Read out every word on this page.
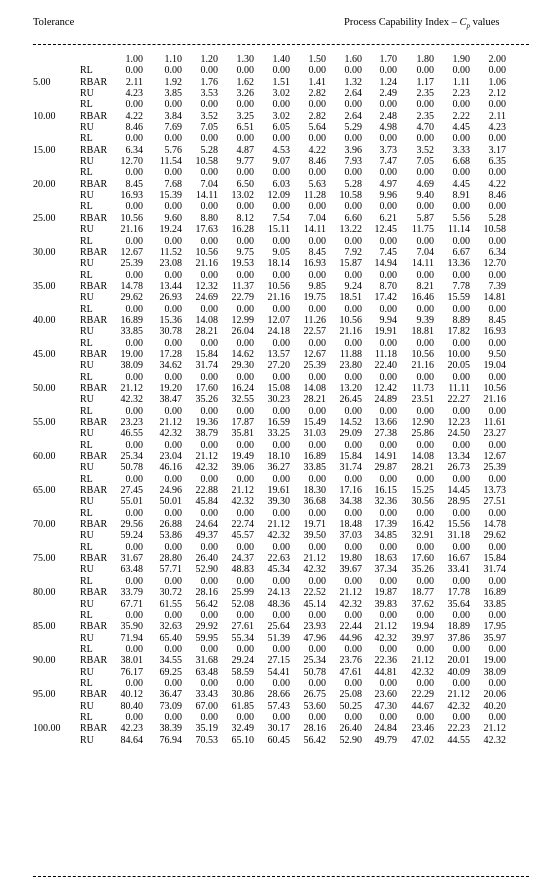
Tolerance	Process Capability Index – $C_p$ values
1.00	1.10	1.20	1.30	1.40	1.50	1.60	1.70	1.80	1.90	2.00
RL	0.00	0.00	0.00	0.00	0.00	0.00	0.00	0.00	0.00	0.00	0.00
5.00	RBAR	2.11	1.92	1.76	1.62	1.51	1.41	1.32	1.24	1.17	1.11	1.06
RU	4.23	3.85	3.53	3.26	3.02	2.82	2.64	2.49	2.35	2.23	2.12
RL	0.00	0.00	0.00	0.00	0.00	0.00	0.00	0.00	0.00	0.00	0.00
10.00	RBAR	4.22	3.84	3.52	3.25	3.02	2.82	2.64	2.48	2.35	2.22	2.11
RU	8.46	7.69	7.05	6.51	6.05	5.64	5.29	4.98	4.70	4.45	4.23
RL	0.00	0.00	0.00	0.00	0.00	0.00	0.00	0.00	0.00	0.00	0.00
15.00	RBAR	6.34	5.76	5.28	4.87	4.53	4.22	3.96	3.73	3.52	3.33	3.17
RU	12.70	11.54	10.58	9.77	9.07	8.46	7.93	7.47	7.05	6.68	6.35
RL	0.00	0.00	0.00	0.00	0.00	0.00	0.00	0.00	0.00	0.00	0.00
20.00	RBAR	8.45	7.68	7.04	6.50	6.03	5.63	5.28	4.97	4.69	4.45	4.22
RU	16.93	15.39	14.11	13.02	12.09	11.28	10.58	9.96	9.40	8.91	8.46
RL	0.00	0.00	0.00	0.00	0.00	0.00	0.00	0.00	0.00	0.00	0.00
25.00	RBAR	10.56	9.60	8.80	8.12	7.54	7.04	6.60	6.21	5.87	5.56	5.28
RU	21.16	19.24	17.63	16.28	15.11	14.11	13.22	12.45	11.75	11.14	10.58
RL	0.00	0.00	0.00	0.00	0.00	0.00	0.00	0.00	0.00	0.00	0.00
30.00	RBAR	12.67	11.52	10.56	9.75	9.05	8.45	7.92	7.45	7.04	6.67	6.34
RU	25.39	23.08	21.16	19.53	18.14	16.93	15.87	14.94	14.11	13.36	12.70
RL	0.00	0.00	0.00	0.00	0.00	0.00	0.00	0.00	0.00	0.00	0.00
35.00	RBAR	14.78	13.44	12.32	11.37	10.56	9.85	9.24	8.70	8.21	7.78	7.39
RU	29.62	26.93	24.69	22.79	21.16	19.75	18.51	17.42	16.46	15.59	14.81
RL	0.00	0.00	0.00	0.00	0.00	0.00	0.00	0.00	0.00	0.00	0.00
40.00	RBAR	16.89	15.36	14.08	12.99	12.07	11.26	10.56	9.94	9.39	8.89	8.45
RU	33.85	30.78	28.21	26.04	24.18	22.57	21.16	19.91	18.81	17.82	16.93
RL	0.00	0.00	0.00	0.00	0.00	0.00	0.00	0.00	0.00	0.00	0.00
45.00	RBAR	19.00	17.28	15.84	14.62	13.57	12.67	11.88	11.18	10.56	10.00	9.50
RU	38.09	34.62	31.74	29.30	27.20	25.39	23.80	22.40	21.16	20.05	19.04
RL	0.00	0.00	0.00	0.00	0.00	0.00	0.00	0.00	0.00	0.00	0.00
50.00	RBAR	21.12	19.20	17.60	16.24	15.08	14.08	13.20	12.42	11.73	11.11	10.56
RU	42.32	38.47	35.26	32.55	30.23	28.21	26.45	24.89	23.51	22.27	21.16
RL	0.00	0.00	0.00	0.00	0.00	0.00	0.00	0.00	0.00	0.00	0.00
55.00	RBAR	23.23	21.12	19.36	17.87	16.59	15.49	14.52	13.66	12.90	12.23	11.61
RU	46.55	42.32	38.79	35.81	33.25	31.03	29.09	27.38	25.86	24.50	23.27
RL	0.00	0.00	0.00	0.00	0.00	0.00	0.00	0.00	0.00	0.00	0.00
60.00	RBAR	25.34	23.04	21.12	19.49	18.10	16.89	15.84	14.91	14.08	13.34	12.67
RU	50.78	46.16	42.32	39.06	36.27	33.85	31.74	29.87	28.21	26.73	25.39
RL	0.00	0.00	0.00	0.00	0.00	0.00	0.00	0.00	0.00	0.00	0.00
65.00	RBAR	27.45	24.96	22.88	21.12	19.61	18.30	17.16	16.15	15.25	14.45	13.73
RU	55.01	50.01	45.84	42.32	39.30	36.68	34.38	32.36	30.56	28.95	27.51
RL	0.00	0.00	0.00	0.00	0.00	0.00	0.00	0.00	0.00	0.00	0.00
70.00	RBAR	29.56	26.88	24.64	22.74	21.12	19.71	18.48	17.39	16.42	15.56	14.78
RU	59.24	53.86	49.37	45.57	42.32	39.50	37.03	34.85	32.91	31.18	29.62
RL	0.00	0.00	0.00	0.00	0.00	0.00	0.00	0.00	0.00	0.00	0.00
75.00	RBAR	31.67	28.80	26.40	24.37	22.63	21.12	19.80	18.63	17.60	16.67	15.84
RU	63.48	57.71	52.90	48.83	45.34	42.32	39.67	37.34	35.26	33.41	31.74
RL	0.00	0.00	0.00	0.00	0.00	0.00	0.00	0.00	0.00	0.00	0.00
80.00	RBAR	33.79	30.72	28.16	25.99	24.13	22.52	21.12	19.87	18.77	17.78	16.89
RU	67.71	61.55	56.42	52.08	48.36	45.14	42.32	39.83	37.62	35.64	33.85
RL	0.00	0.00	0.00	0.00	0.00	0.00	0.00	0.00	0.00	0.00	0.00
85.00	RBAR	35.90	32.63	29.92	27.61	25.64	23.93	22.44	21.12	19.94	18.89	17.95
RU	71.94	65.40	59.95	55.34	51.39	47.96	44.96	42.32	39.97	37.86	35.97
RL	0.00	0.00	0.00	0.00	0.00	0.00	0.00	0.00	0.00	0.00	0.00
90.00	RBAR	38.01	34.55	31.68	29.24	27.15	25.34	23.76	22.36	21.12	20.01	19.00
RU	76.17	69.25	63.48	58.59	54.41	50.78	47.61	44.81	42.32	40.09	38.09
RL	0.00	0.00	0.00	0.00	0.00	0.00	0.00	0.00	0.00	0.00	0.00
95.00	RBAR	40.12	36.47	33.43	30.86	28.66	26.75	25.08	23.60	22.29	21.12	20.06
RU	80.40	73.09	67.00	61.85	57.43	53.60	50.25	47.30	44.67	42.32	40.20
RL	0.00	0.00	0.00	0.00	0.00	0.00	0.00	0.00	0.00	0.00	0.00
100.00	RBAR	42.23	38.39	35.19	32.49	30.17	28.16	26.40	24.84	23.46	22.23	21.12
RU	84.64	76.94	70.53	65.10	60.45	56.42	52.90	49.79	47.02	44.55	42.32
